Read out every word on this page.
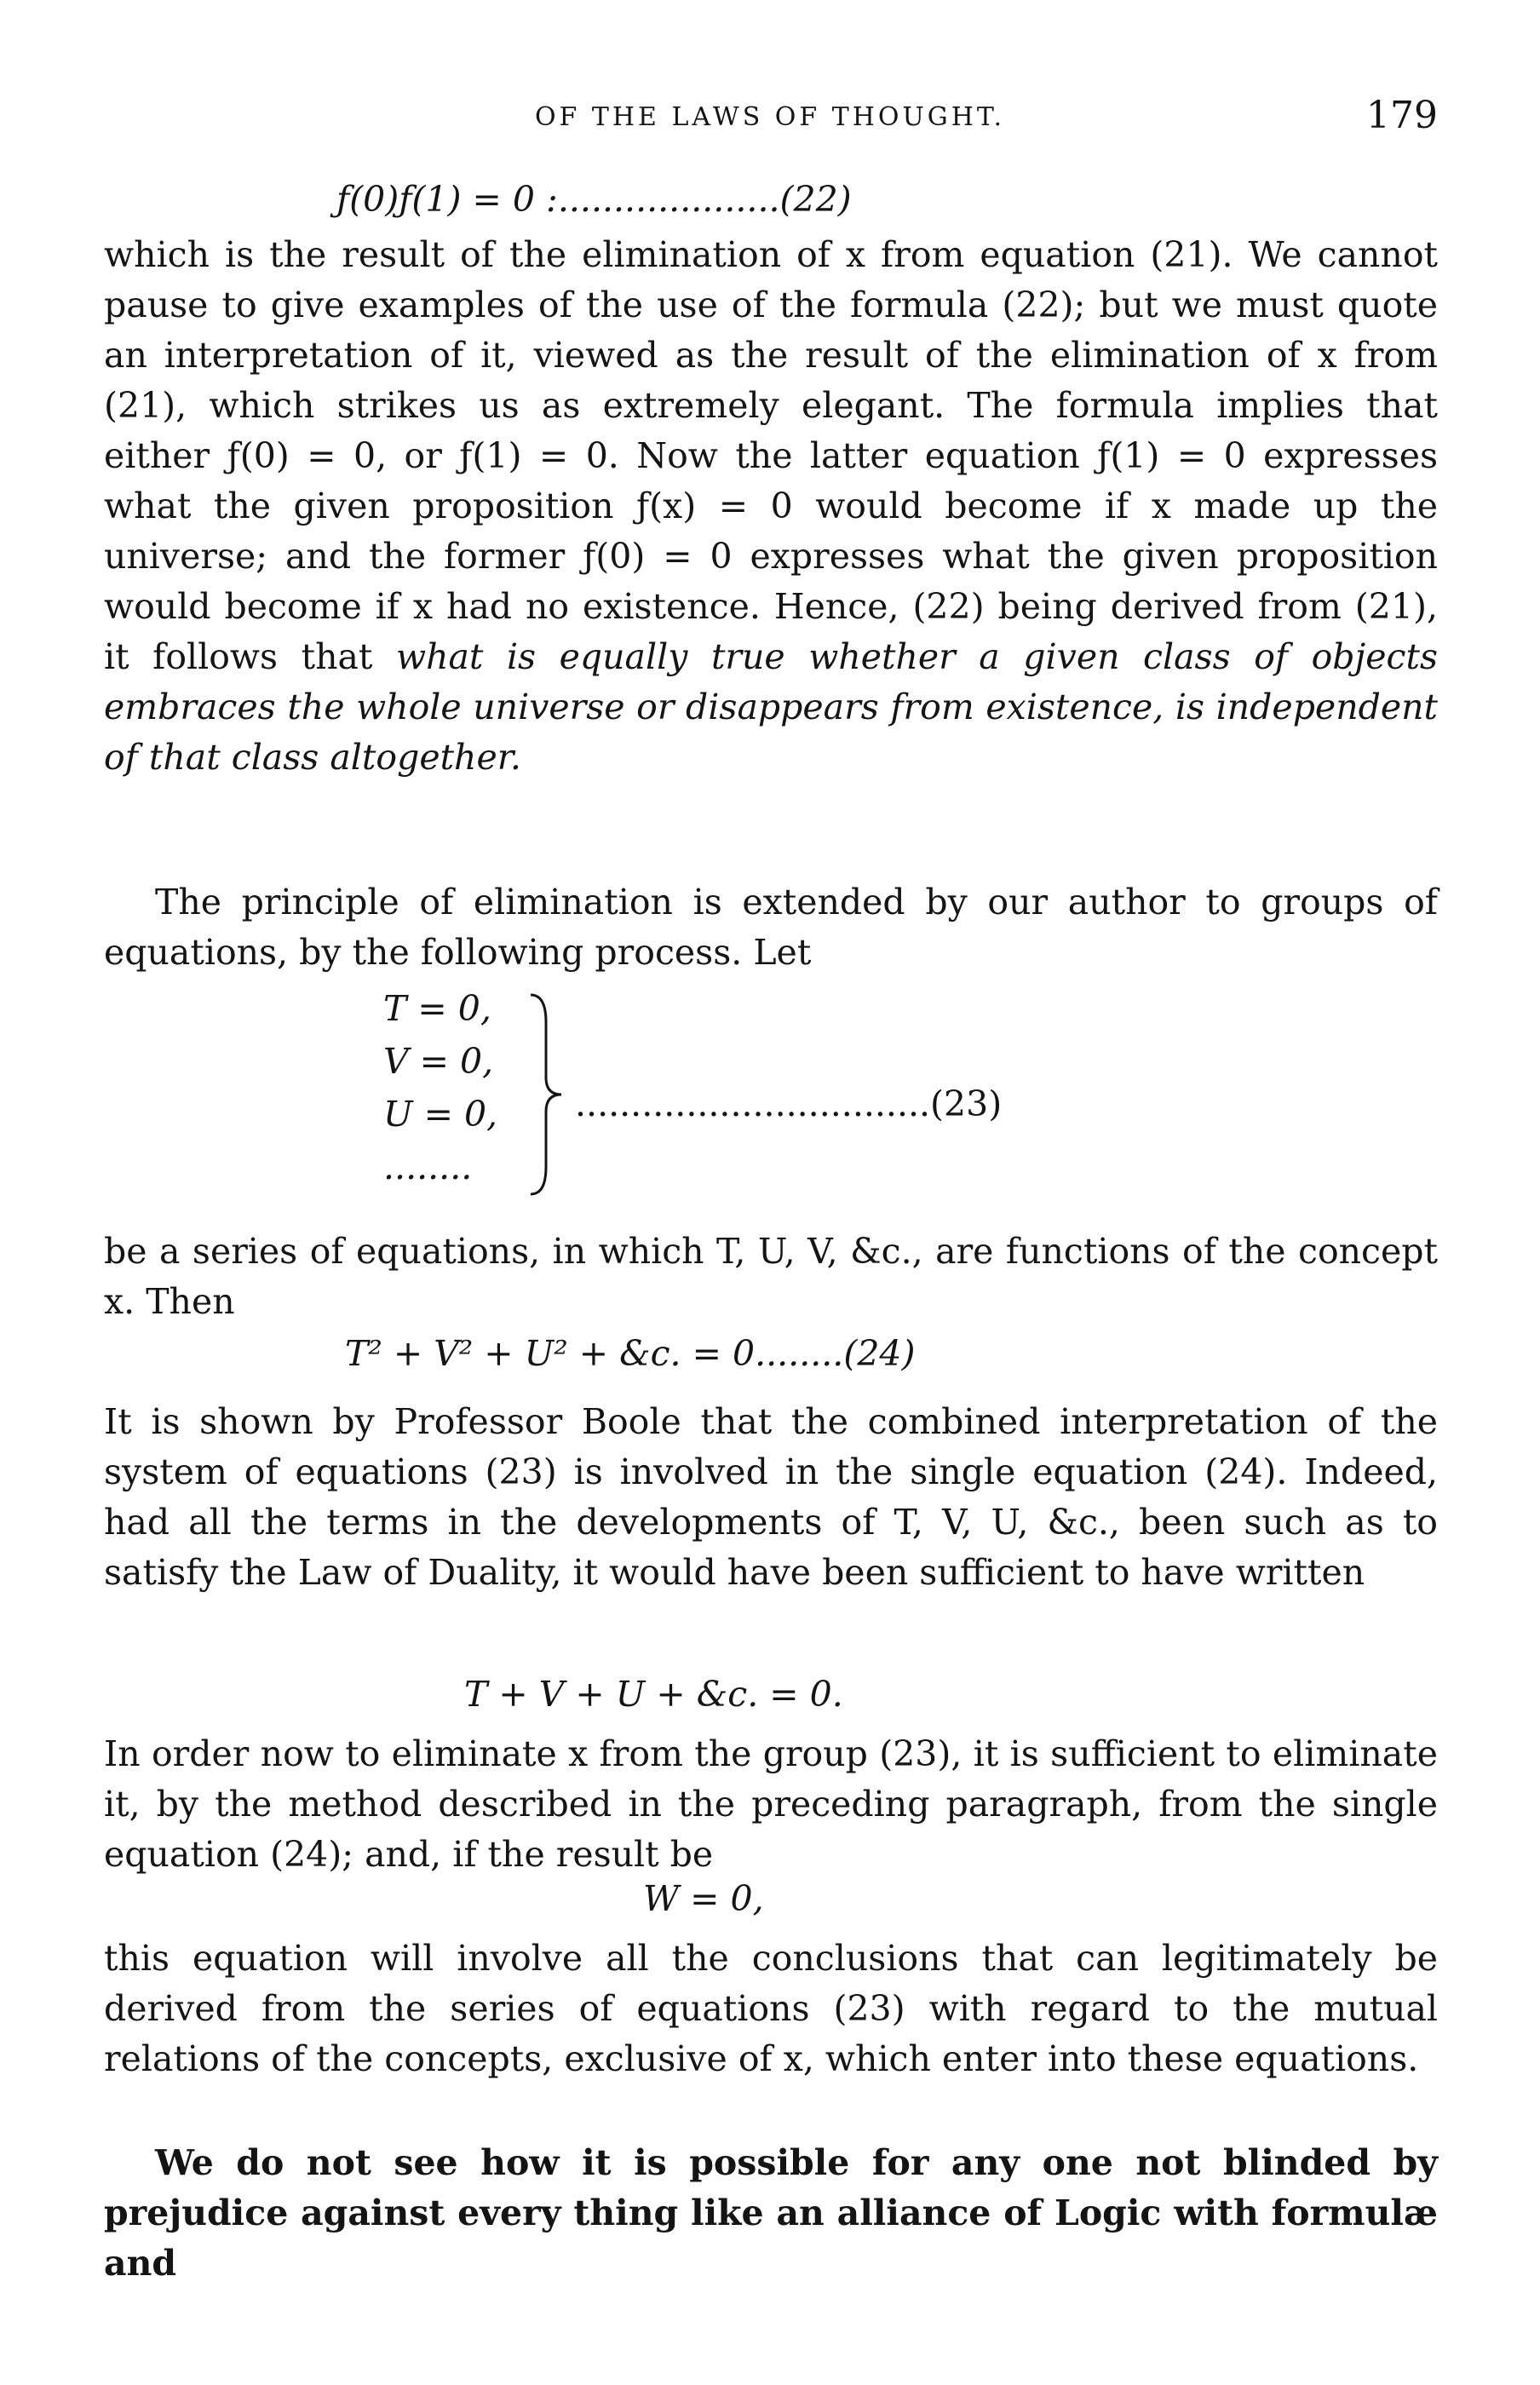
OF THE LAWS OF THOUGHT.	179
ƒ(0)ƒ(1) = 0 :....................(22)
which is the result of the elimination of x from equation (21). We cannot pause to give examples of the use of the formula (22); but we must quote an interpretation of it, viewed as the result of the elimination of x from (21), which strikes us as extremely elegant. The formula implies that either ƒ(0) = 0, or ƒ(1) = 0. Now the latter equation ƒ(1) = 0 expresses what the given proposition ƒ(x) = 0 would become if x made up the universe; and the former ƒ(0) = 0 expresses what the given proposition would become if x had no existence. Hence, (22) being derived from (21), it follows that what is equally true whether a given class of objects embraces the whole universe or disappears from existence, is independent of that class altogether.
The principle of elimination is extended by our author to groups of equations, by the following process. Let
T = 0,
V = 0,
U = 0,
........
................................(23)
be a series of equations, in which T, U, V, &c., are functions of the concept x. Then
T² + V² + U² + &c. = 0........(24)
It is shown by Professor Boole that the combined interpretation of the system of equations (23) is involved in the single equation (24). Indeed, had all the terms in the developments of T, V, U, &c., been such as to satisfy the Law of Duality, it would have been sufficient to have written
T + V + U + &c. = 0.
In order now to eliminate x from the group (23), it is sufficient to eliminate it, by the method described in the preceding paragraph, from the single equation (24); and, if the result be
W = 0,
this equation will involve all the conclusions that can legitimately be derived from the series of equations (23) with regard to the mutual relations of the concepts, exclusive of x, which enter into these equations.
We do not see how it is possible for any one not blinded by prejudice against every thing like an alliance of Logic with formulæ and
